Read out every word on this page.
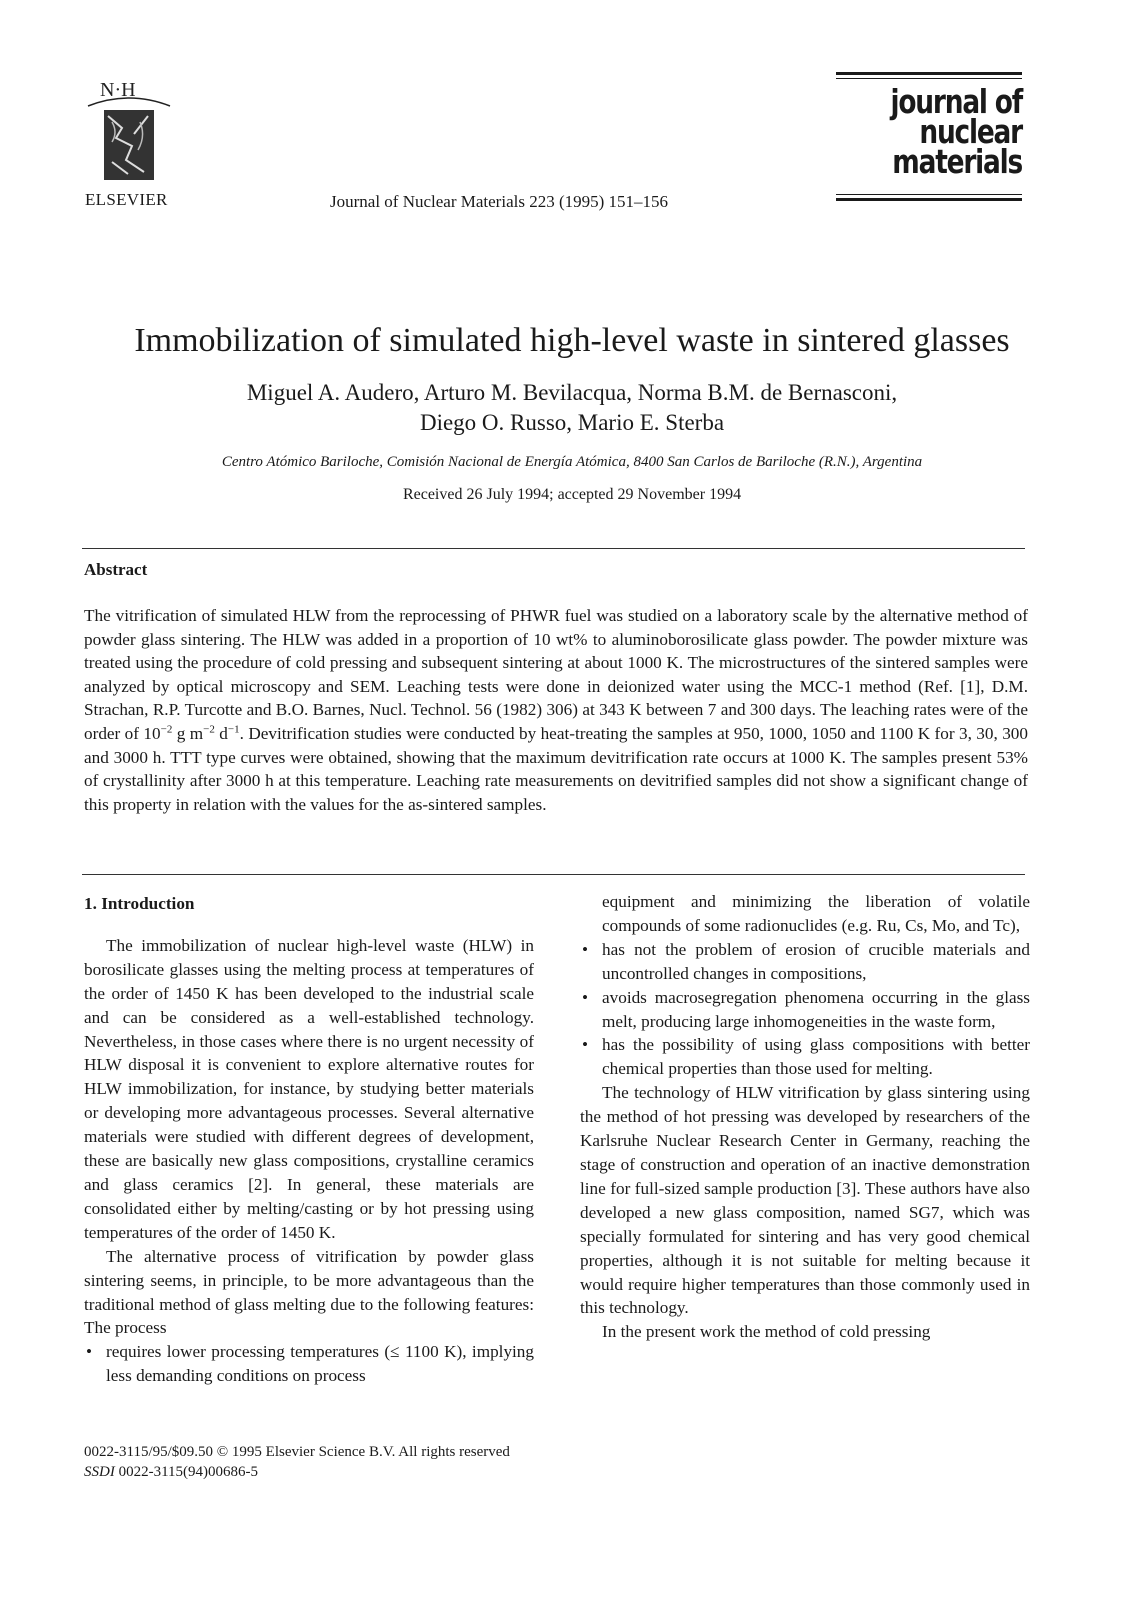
N·H
ELSEVIER	Journal of Nuclear Materials 223 (1995) 151–156
journal of
nuclear
materials
Immobilization of simulated high-level waste in sintered glasses
Miguel A. Audero, Arturo M. Bevilacqua, Norma B.M. de Bernasconi,
Diego O. Russo, Mario E. Sterba
Centro Atómico Bariloche, Comisión Nacional de Energía Atómica, 8400 San Carlos de Bariloche (R.N.), Argentina
Received 26 July 1994; accepted 29 November 1994
Abstract
The vitrification of simulated HLW from the reprocessing of PHWR fuel was studied on a laboratory scale by the alternative method of powder glass sintering. The HLW was added in a proportion of 10 wt% to aluminoborosilicate glass powder. The powder mixture was treated using the procedure of cold pressing and subsequent sintering at about 1000 K. The microstructures of the sintered samples were analyzed by optical microscopy and SEM. Leaching tests were done in deionized water using the MCC-1 method (Ref. [1], D.M. Strachan, R.P. Turcotte and B.O. Barnes, Nucl. Technol. 56 (1982) 306) at 343 K between 7 and 300 days. The leaching rates were of the order of $10^{-2}$ g $m^{-2}$ $d^{-1}$. Devitrification studies were conducted by heat-treating the samples at 950, 1000, 1050 and 1100 K for 3, 30, 300 and 3000 h. TTT type curves were obtained, showing that the maximum devitrification rate occurs at 1000 K. The samples present 53% of crystallinity after 3000 h at this temperature. Leaching rate measurements on devitrified samples did not show a significant change of this property in relation with the values for the as-sintered samples.
1. Introduction

The immobilization of nuclear high-level waste (HLW) in borosilicate glasses using the melting process at temperatures of the order of 1450 K has been developed to the industrial scale and can be considered as a well-established technology. Nevertheless, in those cases where there is no urgent necessity of HLW disposal it is convenient to explore alternative routes for HLW immobilization, for instance, by studying better materials or developing more advantageous processes. Several alternative materials were studied with different degrees of development, these are basically new glass compositions, crystalline ceramics and glass ceramics [2]. In general, these materials are consolidated either by melting/casting or by hot pressing using temperatures of the order of 1450 K.

The alternative process of vitrification by powder glass sintering seems, in principle, to be more advantageous than the traditional method of glass melting due to the following features: The process

• requires lower processing temperatures (≤ 1100 K), implying less demanding conditions on process
equipment and minimizing the liberation of volatile compounds of some radionuclides (e.g. Ru, Cs, Mo, and Tc),
• has not the problem of erosion of crucible materials and uncontrolled changes in compositions,
• avoids macrosegregation phenomena occurring in the glass melt, producing large inhomogeneities in the waste form,
• has the possibility of using glass compositions with better chemical properties than those used for melting.

The technology of HLW vitrification by glass sintering using the method of hot pressing was developed by researchers of the Karlsruhe Nuclear Research Center in Germany, reaching the stage of construction and operation of an inactive demonstration line for full-sized sample production [3]. These authors have also developed a new glass composition, named SG7, which was specially formulated for sintering and has very good chemical properties, although it is not suitable for melting because it would require higher temperatures than those commonly used in this technology.

In the present work the method of cold pressing

0022-3115/95/$09.50 © 1995 Elsevier Science B.V. All rights reserved
SSDI 0022-3115(94)00686-5
